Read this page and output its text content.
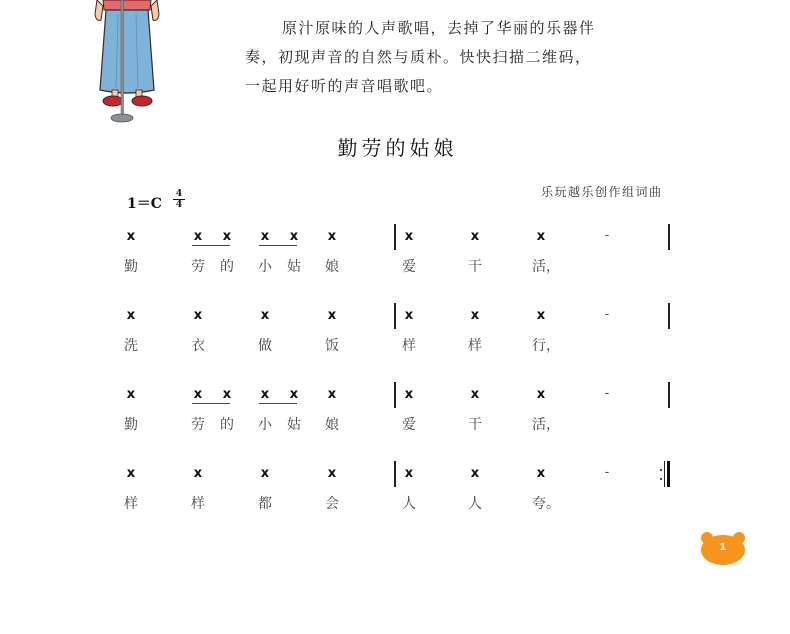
原汁原味的人声歌唱，去掉了华丽的乐器伴
奏，初现声音的自然与质朴。快快扫描二维码，
一起用好听的声音唱歌吧。
勤劳的姑娘
乐玩越乐创作组词曲
1＝C
4
4
x	x x x x x	x	x	x	-
勤	劳 的 小 姑 娘	爱	干	活，
x	x	x	x	x	x	x	-
洗	衣	做	饭	样	样	行，
x	x x x x x	x	x	x	-
勤	劳 的 小 姑 娘	爱	干	活，
x	x	x	x	x	x	x	-
样	样	都	会	人	人	夸。
1
